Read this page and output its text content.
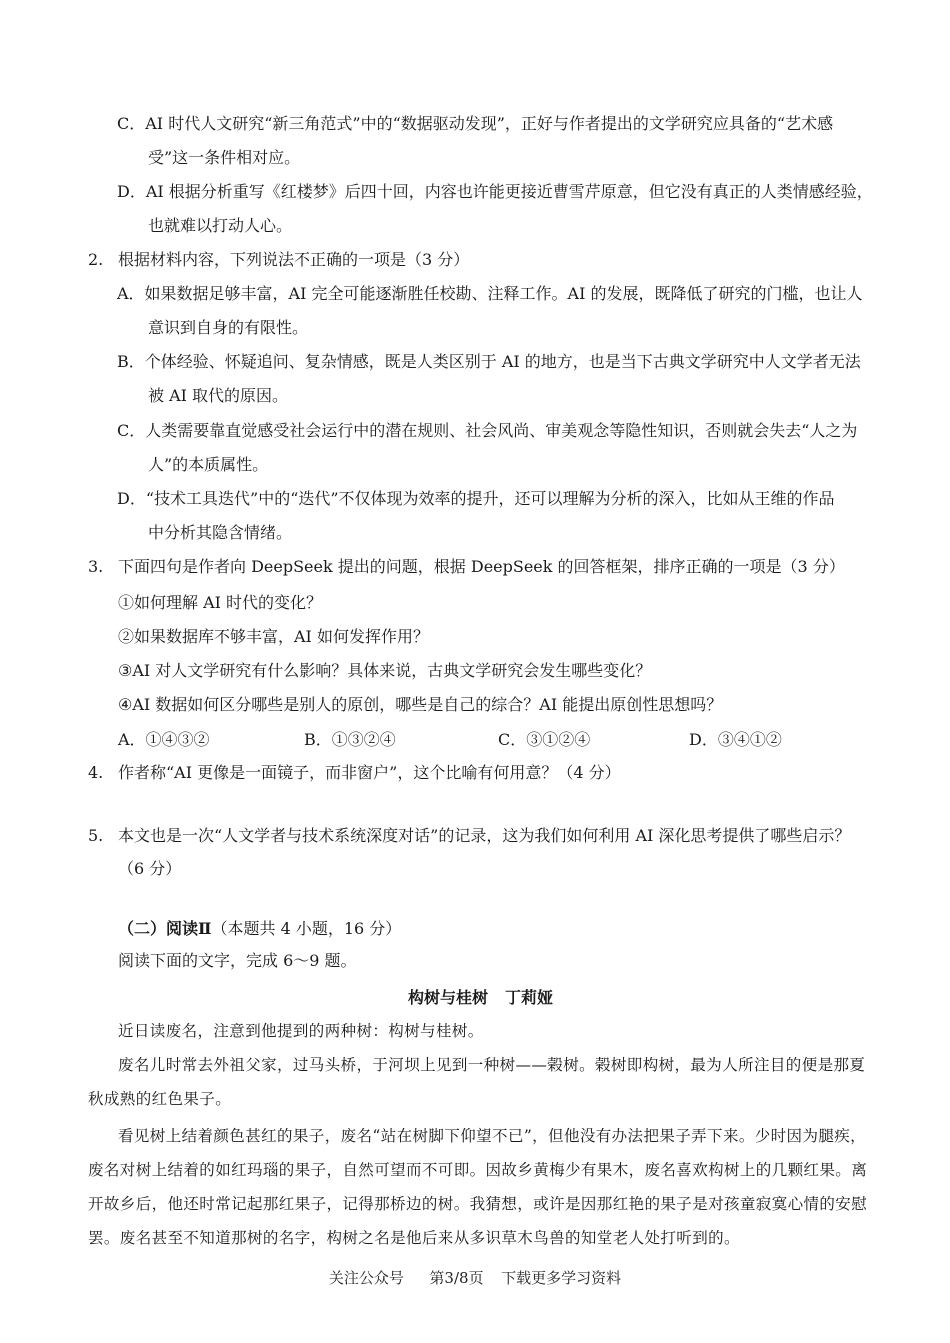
C．AI 时代人文研究“新三角范式”中的“数据驱动发现”，正好与作者提出的文学研究应具备的“艺术感
受”这一条件相对应。
D．AI 根据分析重写《红楼梦》后四十回，内容也许能更接近曹雪芹原意，但它没有真正的人类情感经验，
也就难以打动人心。
2. 根据材料内容，下列说法不正确的一项是（3 分）
A．如果数据足够丰富，AI 完全可能逐渐胜任校勘、注释工作。AI 的发展，既降低了研究的门槛，也让人
意识到自身的有限性。
B．个体经验、怀疑追问、复杂情感，既是人类区别于 AI 的地方，也是当下古典文学研究中人文学者无法
被 AI 取代的原因。
C．人类需要靠直觉感受社会运行中的潜在规则、社会风尚、审美观念等隐性知识，否则就会失去“人之为
人”的本质属性。
D．“技术工具迭代”中的“迭代”不仅体现为效率的提升，还可以理解为分析的深入，比如从王维的作品
中分析其隐含情绪。
3. 下面四句是作者向 DeepSeek 提出的问题，根据 DeepSeek 的回答框架，排序正确的一项是（3 分）
①如何理解 AI 时代的变化？
②如果数据库不够丰富，AI 如何发挥作用？
③AI 对人文学研究有什么影响？具体来说，古典文学研究会发生哪些变化？
④AI 数据如何区分哪些是别人的原创，哪些是自己的综合？AI 能提出原创性思想吗？
A．①④③②	B．①③②④	C．③①②④	D．③④①②
4. 作者称“AI 更像是一面镜子，而非窗户”，这个比喻有何用意？（4 分）
5. 本文也是一次“人文学者与技术系统深度对话”的记录，这为我们如何利用 AI 深化思考提供了哪些启示？
（6 分）
（二）阅读Ⅱ（本题共 4 小题，16 分）
阅读下面的文字，完成 6～9 题。
构树与桂树 丁莉娅
近日读废名，注意到他提到的两种树：构树与桂树。
废名儿时常去外祖父家，过马头桥，于河坝上见到一种树——榖树。榖树即构树，最为人所注目的便是那夏
秋成熟的红色果子。
看见树上结着颜色甚红的果子，废名“站在树脚下仰望不已”，但他没有办法把果子弄下来。少时因为腿疾，
废名对树上结着的如红玛瑙的果子，自然可望而不可即。因故乡黄梅少有果木，废名喜欢构树上的几颗红果。离
开故乡后，他还时常记起那红果子，记得那桥边的树。我猜想，或许是因那红艳的果子是对孩童寂寞心情的安慰
罢。废名甚至不知道那树的名字，构树之名是他后来从多识草木鸟兽的知堂老人处打听到的。
关注公众号 第3/8页 下载更多学习资料
